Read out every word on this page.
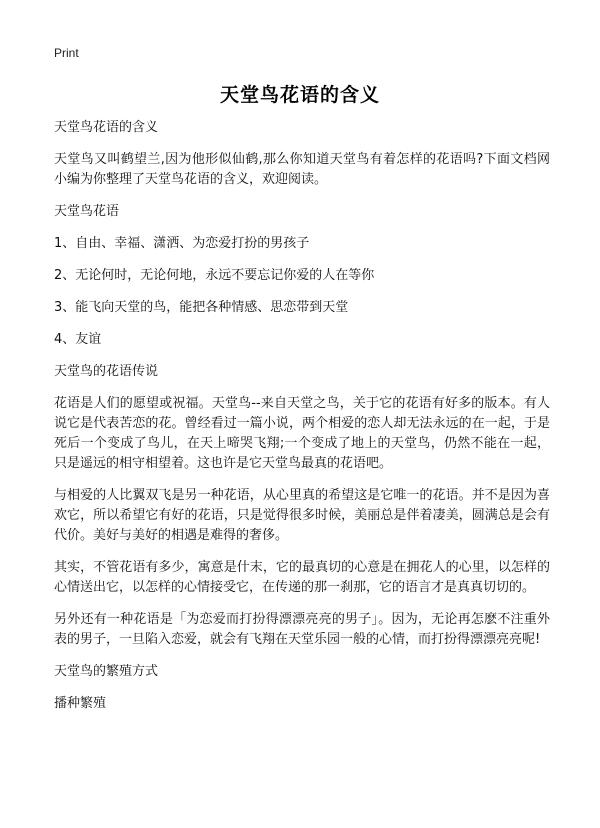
Print
天堂鸟花语的含义
天堂鸟花语的含义
天堂鸟又叫鹤望兰,因为他形似仙鹤,那么你知道天堂鸟有着怎样的花语吗?下面文档网小编为你整理了天堂鸟花语的含义，欢迎阅读。
天堂鸟花语
1、自由、幸福、潇洒、为恋爱打扮的男孩子
2、无论何时，无论何地，永远不要忘记你爱的人在等你
3、能飞向天堂的鸟，能把各种情感、思恋带到天堂
4、友谊
天堂鸟的花语传说
花语是人们的愿望或祝福。天堂鸟--来自天堂之鸟，关于它的花语有好多的版本。有人说它是代表苦恋的花。曾经看过一篇小说，两个相爱的恋人却无法永远的在一起，于是死后一个变成了鸟儿，在天上啼哭飞翔;一个变成了地上的天堂鸟，仍然不能在一起，只是遥远的相守相望着。这也许是它天堂鸟最真的花语吧。
与相爱的人比翼双飞是另一种花语，从心里真的希望这是它唯一的花语。并不是因为喜欢它，所以希望它有好的花语，只是觉得很多时候，美丽总是伴着凄美，圆满总是会有代价。美好与美好的相遇是难得的奢侈。
其实，不管花语有多少，寓意是什末，它的最真切的心意是在拥花人的心里，以怎样的心情送出它，以怎样的心情接受它，在传递的那一刹那，它的语言才是真真切切的。
另外还有一种花语是「为恋爱而打扮得漂漂亮亮的男子」。因为，无论再怎麽不注重外表的男子，一旦陷入恋爱，就会有飞翔在天堂乐园一般的心情，而打扮得漂漂亮亮呢!
天堂鸟的繁殖方式
播种繁殖
